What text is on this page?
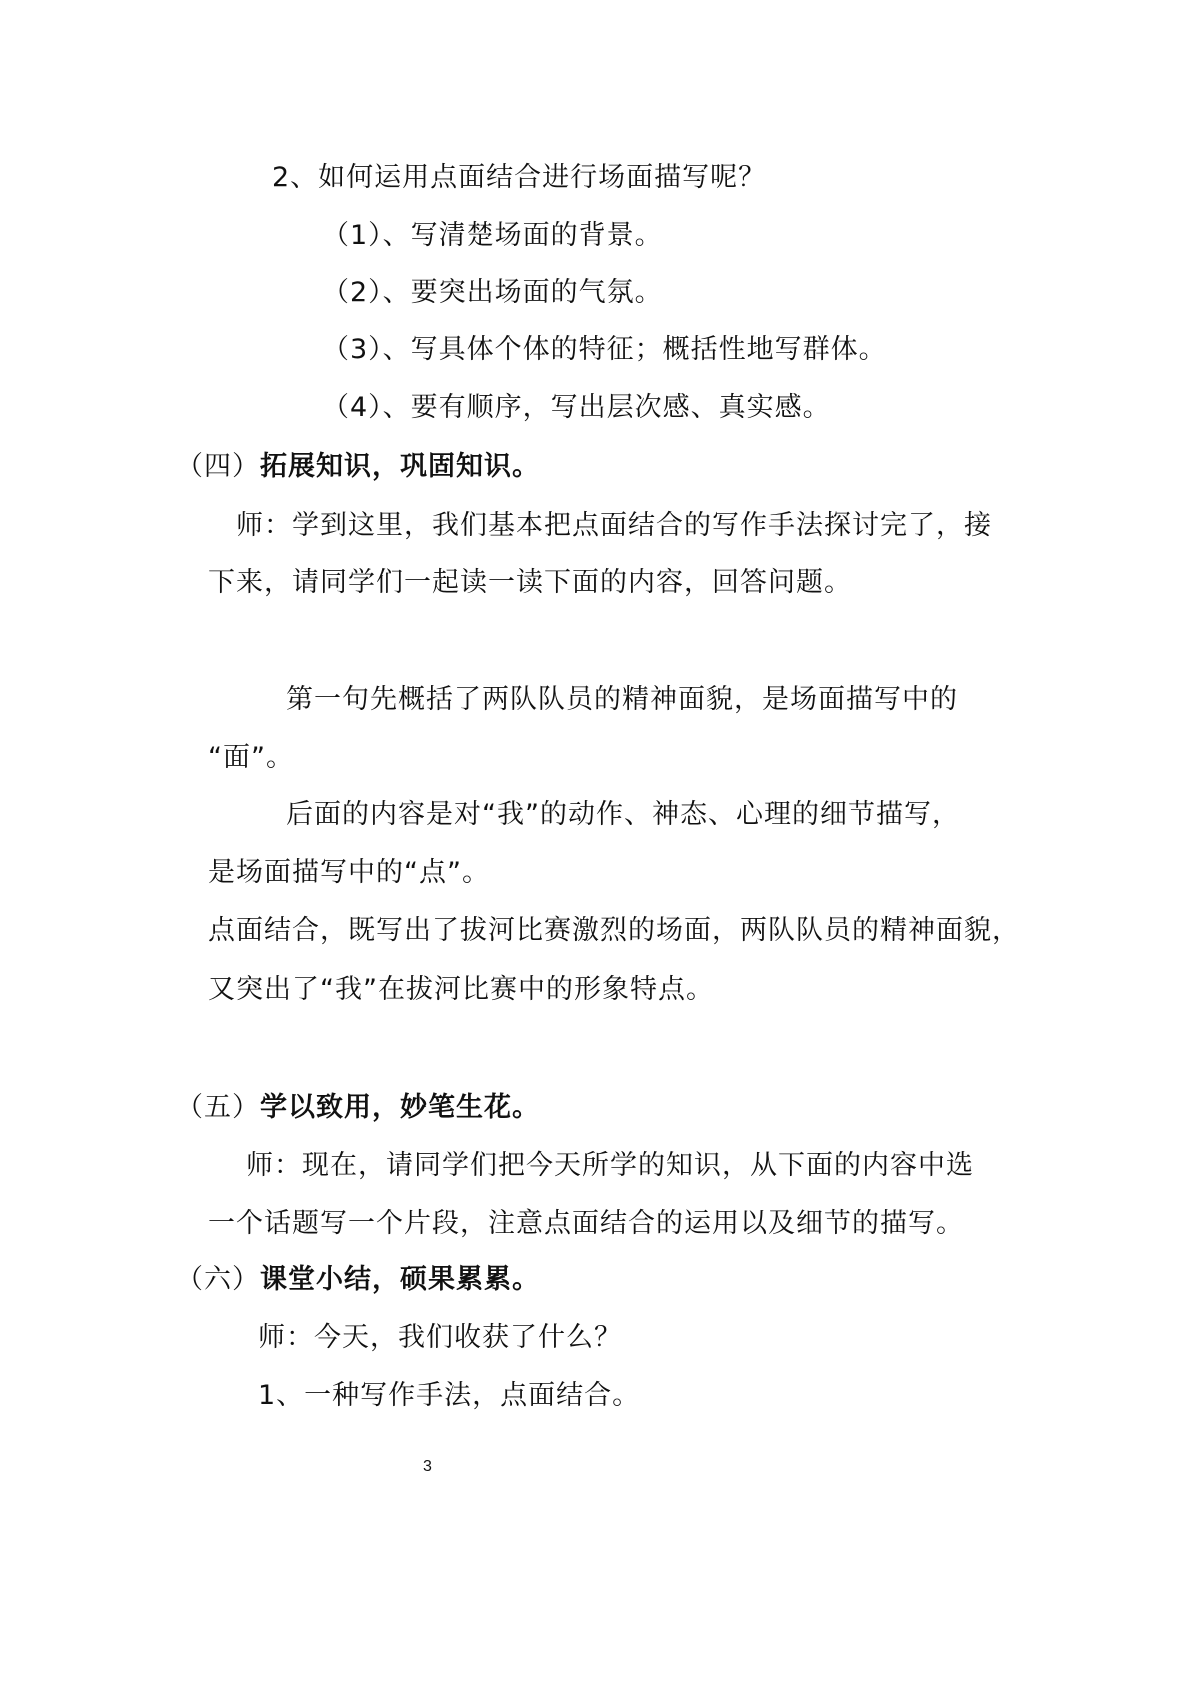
2、如何运用点面结合进行场面描写呢？
（1）、写清楚场面的背景。
（2）、要突出场面的气氛。
（3）、写具体个体的特征；概括性地写群体。
（4）、要有顺序，写出层次感、真实感。
（四）拓展知识，巩固知识。
师：学到这里，我们基本把点面结合的写作手法探讨完了，接
下来，请同学们一起读一读下面的内容，回答问题。
第一句先概括了两队队员的精神面貌，是场面描写中的
“面”。
后面的内容是对“我”的动作、神态、心理的细节描写，
是场面描写中的“点”。
点面结合，既写出了拔河比赛激烈的场面，两队队员的精神面貌，
又突出了“我”在拔河比赛中的形象特点。
（五）学以致用，妙笔生花。
师：现在，请同学们把今天所学的知识，从下面的内容中选
一个话题写一个片段，注意点面结合的运用以及细节的描写。
（六）课堂小结，硕果累累。
师：今天，我们收获了什么？
1、一种写作手法，点面结合。
3
